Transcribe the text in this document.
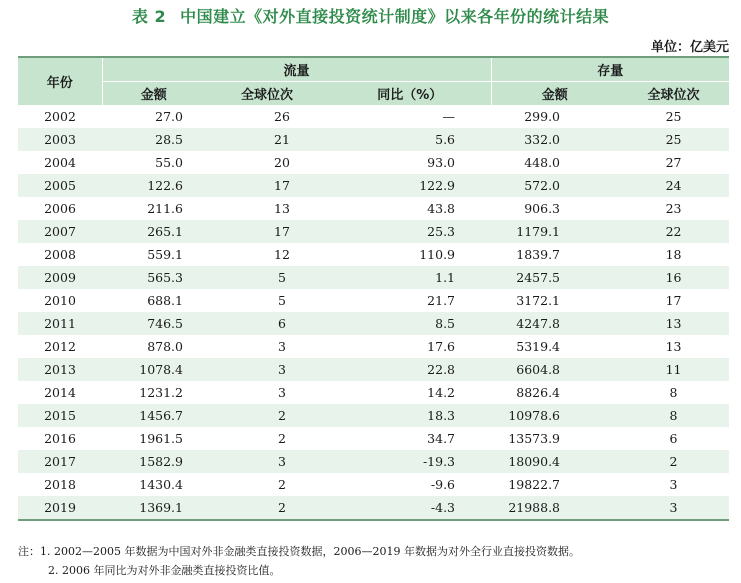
表 2 中国建立《对外直接投资统计制度》以来各年份的统计结果
单位：亿美元
年份	流量			存量	
	金额	全球位次	同比（%）	金额	全球位次
2002	27.0	26	—	299.0	25
2003	28.5	21	5.6	332.0	25
2004	55.0	20	93.0	448.0	27
2005	122.6	17	122.9	572.0	24
2006	211.6	13	43.8	906.3	23
2007	265.1	17	25.3	1179.1	22
2008	559.1	12	110.9	1839.7	18
2009	565.3	5	1.1	2457.5	16
2010	688.1	5	21.7	3172.1	17
2011	746.5	6	8.5	4247.8	13
2012	878.0	3	17.6	5319.4	13
2013	1078.4	3	22.8	6604.8	11
2014	1231.2	3	14.2	8826.4	8
2015	1456.7	2	18.3	10978.6	8
2016	1961.5	2	34.7	13573.9	6
2017	1582.9	3	-19.3	18090.4	2
2018	1430.4	2	-9.6	19822.7	3
2019	1369.1	2	-4.3	21988.8	3
注：1. 2002—2005 年数据为中国对外非金融类直接投资数据，2006—2019 年数据为对外全行业直接投资数据。
2. 2006 年同比为对外非金融类直接投资比值。
